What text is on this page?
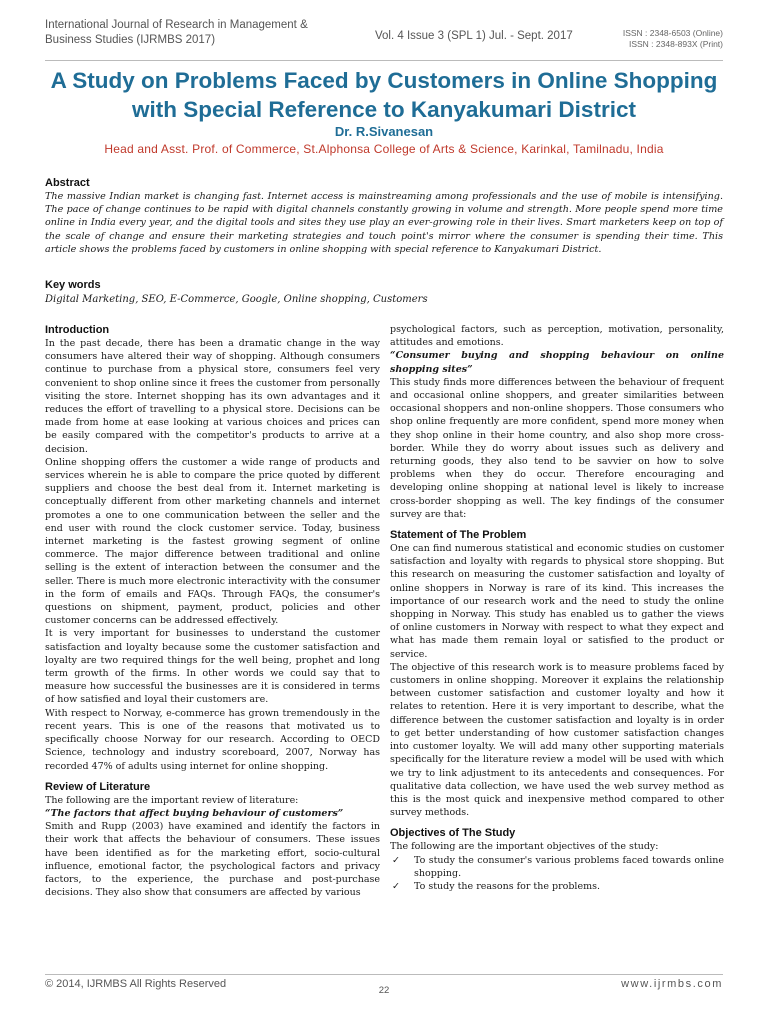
International Journal of Research in Management & Business Studies (IJRMBS 2017)	Vol. 4 Issue 3 (SPL 1) Jul. - Sept. 2017	ISSN : 2348-6503 (Online)
ISSN : 2348-893X (Print)
A Study on Problems Faced by Customers in Online Shopping with Special Reference to Kanyakumari District
Dr. R.Sivanesan
Head and Asst. Prof. of Commerce, St.Alphonsa College of Arts & Science, Karinkal, Tamilnadu, India
Abstract

The massive Indian market is changing fast. Internet access is mainstreaming among professionals and the use of mobile is intensifying. The pace of change continues to be rapid with digital channels constantly growing in volume and strength. More people spend more time online in India every year, and the digital tools and sites they use play an ever-growing role in their lives. Smart marketers keep on top of the scale of change and ensure their marketing strategies and touch point's mirror where the consumer is spending their time. This article shows the problems faced by customers in online shopping with special reference to Kanyakumari District.

Key words
Digital Marketing, SEO, E-Commerce, Google, Online shopping, Customers

Introduction

In the past decade, there has been a dramatic change in the way consumers have altered their way of shopping. Although consumers continue to purchase from a physical store, consumers feel very convenient to shop online since it frees the customer from personally visiting the store. Internet shopping has its own advantages and it reduces the effort of travelling to a physical store. Decisions can be made from home at ease looking at various choices and prices can be easily compared with the competitor's products to arrive at a decision.

Online shopping offers the customer a wide range of products and services wherein he is able to compare the price quoted by different suppliers and choose the best deal from it. Internet marketing is conceptually different from other marketing channels and internet promotes a one to one communication between the seller and the end user with round the clock customer service. Today, business internet marketing is the fastest growing segment of online commerce. The major difference between traditional and online selling is the extent of interaction between the consumer and the seller. There is much more electronic interactivity with the consumer in the form of emails and FAQs. Through FAQs, the consumer's questions on shipment, payment, product, policies and other customer concerns can be addressed effectively.

It is very important for businesses to understand the customer satisfaction and loyalty because some the customer satisfaction and loyalty are two required things for the well being, prophet and long term growth of the firms. In other words we could say that to measure how successful the businesses are it is considered in terms of how satisfied and loyal their customers are.

With respect to Norway, e-commerce has grown tremendously in the recent years. This is one of the reasons that motivated us to specifically choose Norway for our research. According to OECD Science, technology and industry scoreboard, 2007, Norway has recorded 47% of adults using internet for online shopping.

Review of Literature

The following are the important review of literature:

“The factors that affect buying behaviour of customers”

Smith and Rupp (2003) have examined and identify the factors in their work that affects the behaviour of consumers. These issues have been identified as for the marketing effort, socio-cultural influence, emotional factor, the psychological factors and privacy factors, to the experience, the purchase and post-purchase decisions. They also show that consumers are affected by various

psychological factors, such as perception, motivation, personality, attitudes and emotions.

“Consumer buying and shopping behaviour on online shopping sites”

This study finds more differences between the behaviour of frequent and occasional online shoppers, and greater similarities between occasional shoppers and non-online shoppers. Those consumers who shop online frequently are more confident, spend more money when they shop online in their home country, and also shop more cross-border. While they do worry about issues such as delivery and returning goods, they also tend to be savvier on how to solve problems when they do occur. Therefore encouraging and developing online shopping at national level is likely to increase cross-border shopping as well. The key findings of the consumer survey are that:

Statement of The Problem

One can find numerous statistical and economic studies on customer satisfaction and loyalty with regards to physical store shopping. But this research on measuring the customer satisfaction and loyalty of online shoppers in Norway is rare of its kind. This increases the importance of our research work and the need to study the online shopping in Norway. This study has enabled us to gather the views of online customers in Norway with respect to what they expect and what has made them remain loyal or satisfied to the product or service.

The objective of this research work is to measure problems faced by customers in online shopping. Moreover it explains the relationship between customer satisfaction and customer loyalty and how it relates to retention. Here it is very important to describe, what the difference between the customer satisfaction and loyalty is in order to get better understanding of how customer satisfaction changes into customer loyalty. We will add many other supporting materials specifically for the literature review a model will be used with which we try to link adjustment to its antecedents and consequences. For qualitative data collection, we have used the web survey method as this is the most quick and inexpensive method compared to other survey methods.

Objectives of The Study

The following are the important objectives of the study:

✓ To study the consumer's various problems faced towards online shopping.
✓ To study the reasons for the problems.
© 2014, IJRMBS All Rights Reserved
22
www.ijrmbs.com
